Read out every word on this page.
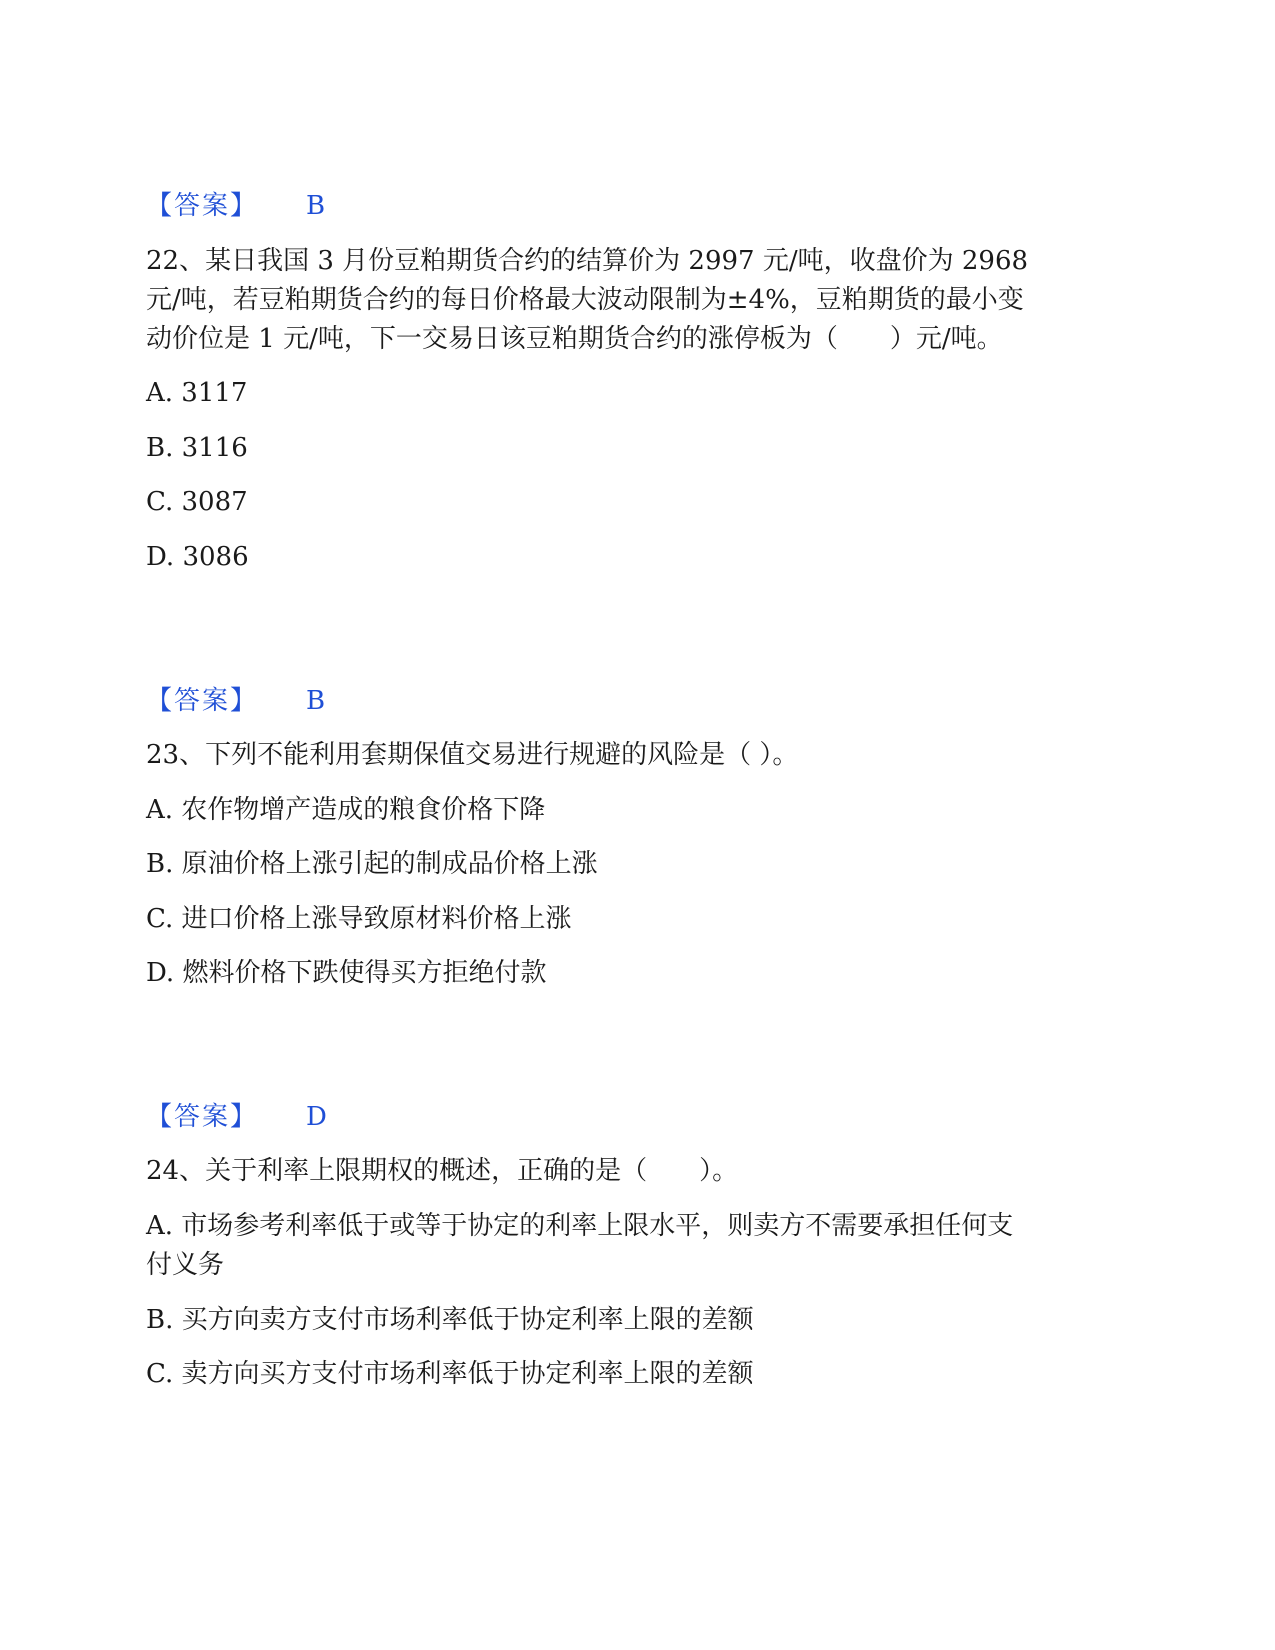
【答案】 B
22、某日我国 3 月份豆粕期货合约的结算价为 2997 元/吨，收盘价为 2968
元/吨，若豆粕期货合约的每日价格最大波动限制为±4%，豆粕期货的最小变
动价位是 1 元/吨，下一交易日该豆粕期货合约的涨停板为（　　）元/吨。
A. 3117
B. 3116
C. 3087
D. 3086
【答案】 B
23、下列不能利用套期保值交易进行规避的风险是（ ）。
A. 农作物增产造成的粮食价格下降
B. 原油价格上涨引起的制成品价格上涨
C. 进口价格上涨导致原材料价格上涨
D. 燃料价格下跌使得买方拒绝付款
【答案】 D
24、关于利率上限期权的概述，正确的是（　　）。
A. 市场参考利率低于或等于协定的利率上限水平，则卖方不需要承担任何支
付义务
B. 买方向卖方支付市场利率低于协定利率上限的差额
C. 卖方向买方支付市场利率低于协定利率上限的差额
